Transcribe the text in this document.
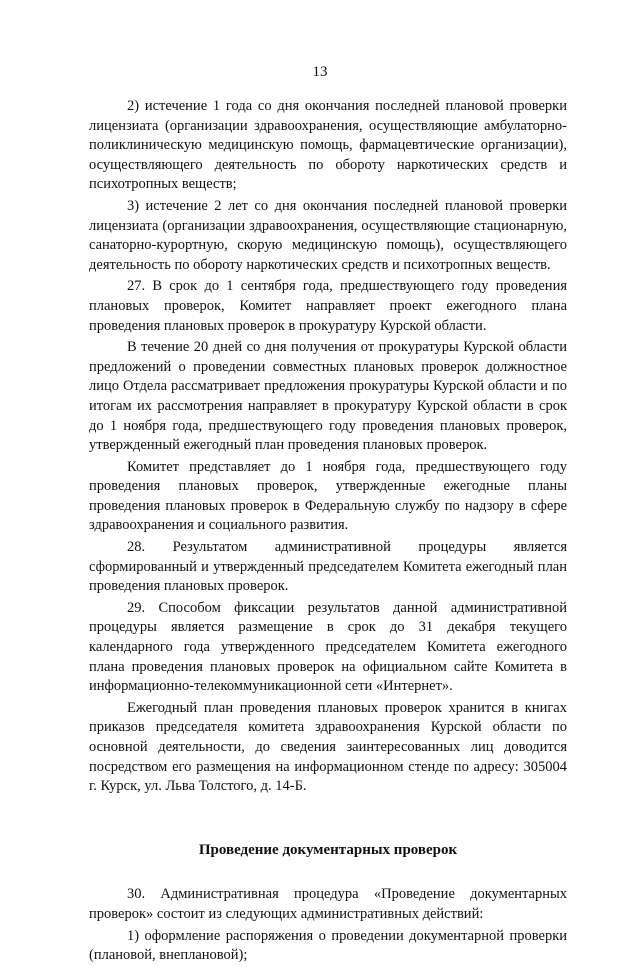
13

2) истечение 1 года со дня окончания последней плановой проверки лицензиата (организации здравоохранения, осуществляющие амбулаторно-поликлиническую медицинскую помощь, фармацевтические организации), осуществляющего деятельность по обороту наркотических средств и психотропных веществ;

3) истечение 2 лет со дня окончания последней плановой проверки лицензиата (организации здравоохранения, осуществляющие стационарную, санаторно-курортную, скорую медицинскую помощь), осуществляющего деятельность по обороту наркотических средств и психотропных веществ.

27. В срок до 1 сентября года, предшествующего году проведения плановых проверок, Комитет направляет проект ежегодного плана проведения плановых проверок в прокуратуру Курской области.

В течение 20 дней со дня получения от прокуратуры Курской области предложений о проведении совместных плановых проверок должностное лицо Отдела рассматривает предложения прокуратуры Курской области и по итогам их рассмотрения направляет в прокуратуру Курской области в срок до 1 ноября года, предшествующего году проведения плановых проверок, утвержденный ежегодный план проведения плановых проверок.

Комитет представляет до 1 ноября года, предшествующего году проведения плановых проверок, утвержденные ежегодные планы проведения плановых проверок в Федеральную службу по надзору в сфере здравоохранения и социального развития.

28. Результатом административной процедуры является сформированный и утвержденный председателем Комитета ежегодный план проведения плановых проверок.

29. Способом фиксации результатов данной административной процедуры является размещение в срок до 31 декабря текущего календарного года утвержденного председателем Комитета ежегодного плана проведения плановых проверок на официальном сайте Комитета в информационно-телекоммуникационной сети «Интернет».

Ежегодный план проведения плановых проверок хранится в книгах приказов председателя комитета здравоохранения Курской области по основной деятельности, до сведения заинтересованных лиц доводится посредством его размещения на информационном стенде по адресу: 305004 г. Курск, ул. Льва Толстого, д. 14-Б.

Проведение документарных проверок

30. Административная процедура «Проведение документарных проверок» состоит из следующих административных действий:

1) оформление распоряжения о проведении документарной проверки (плановой, внеплановой);
